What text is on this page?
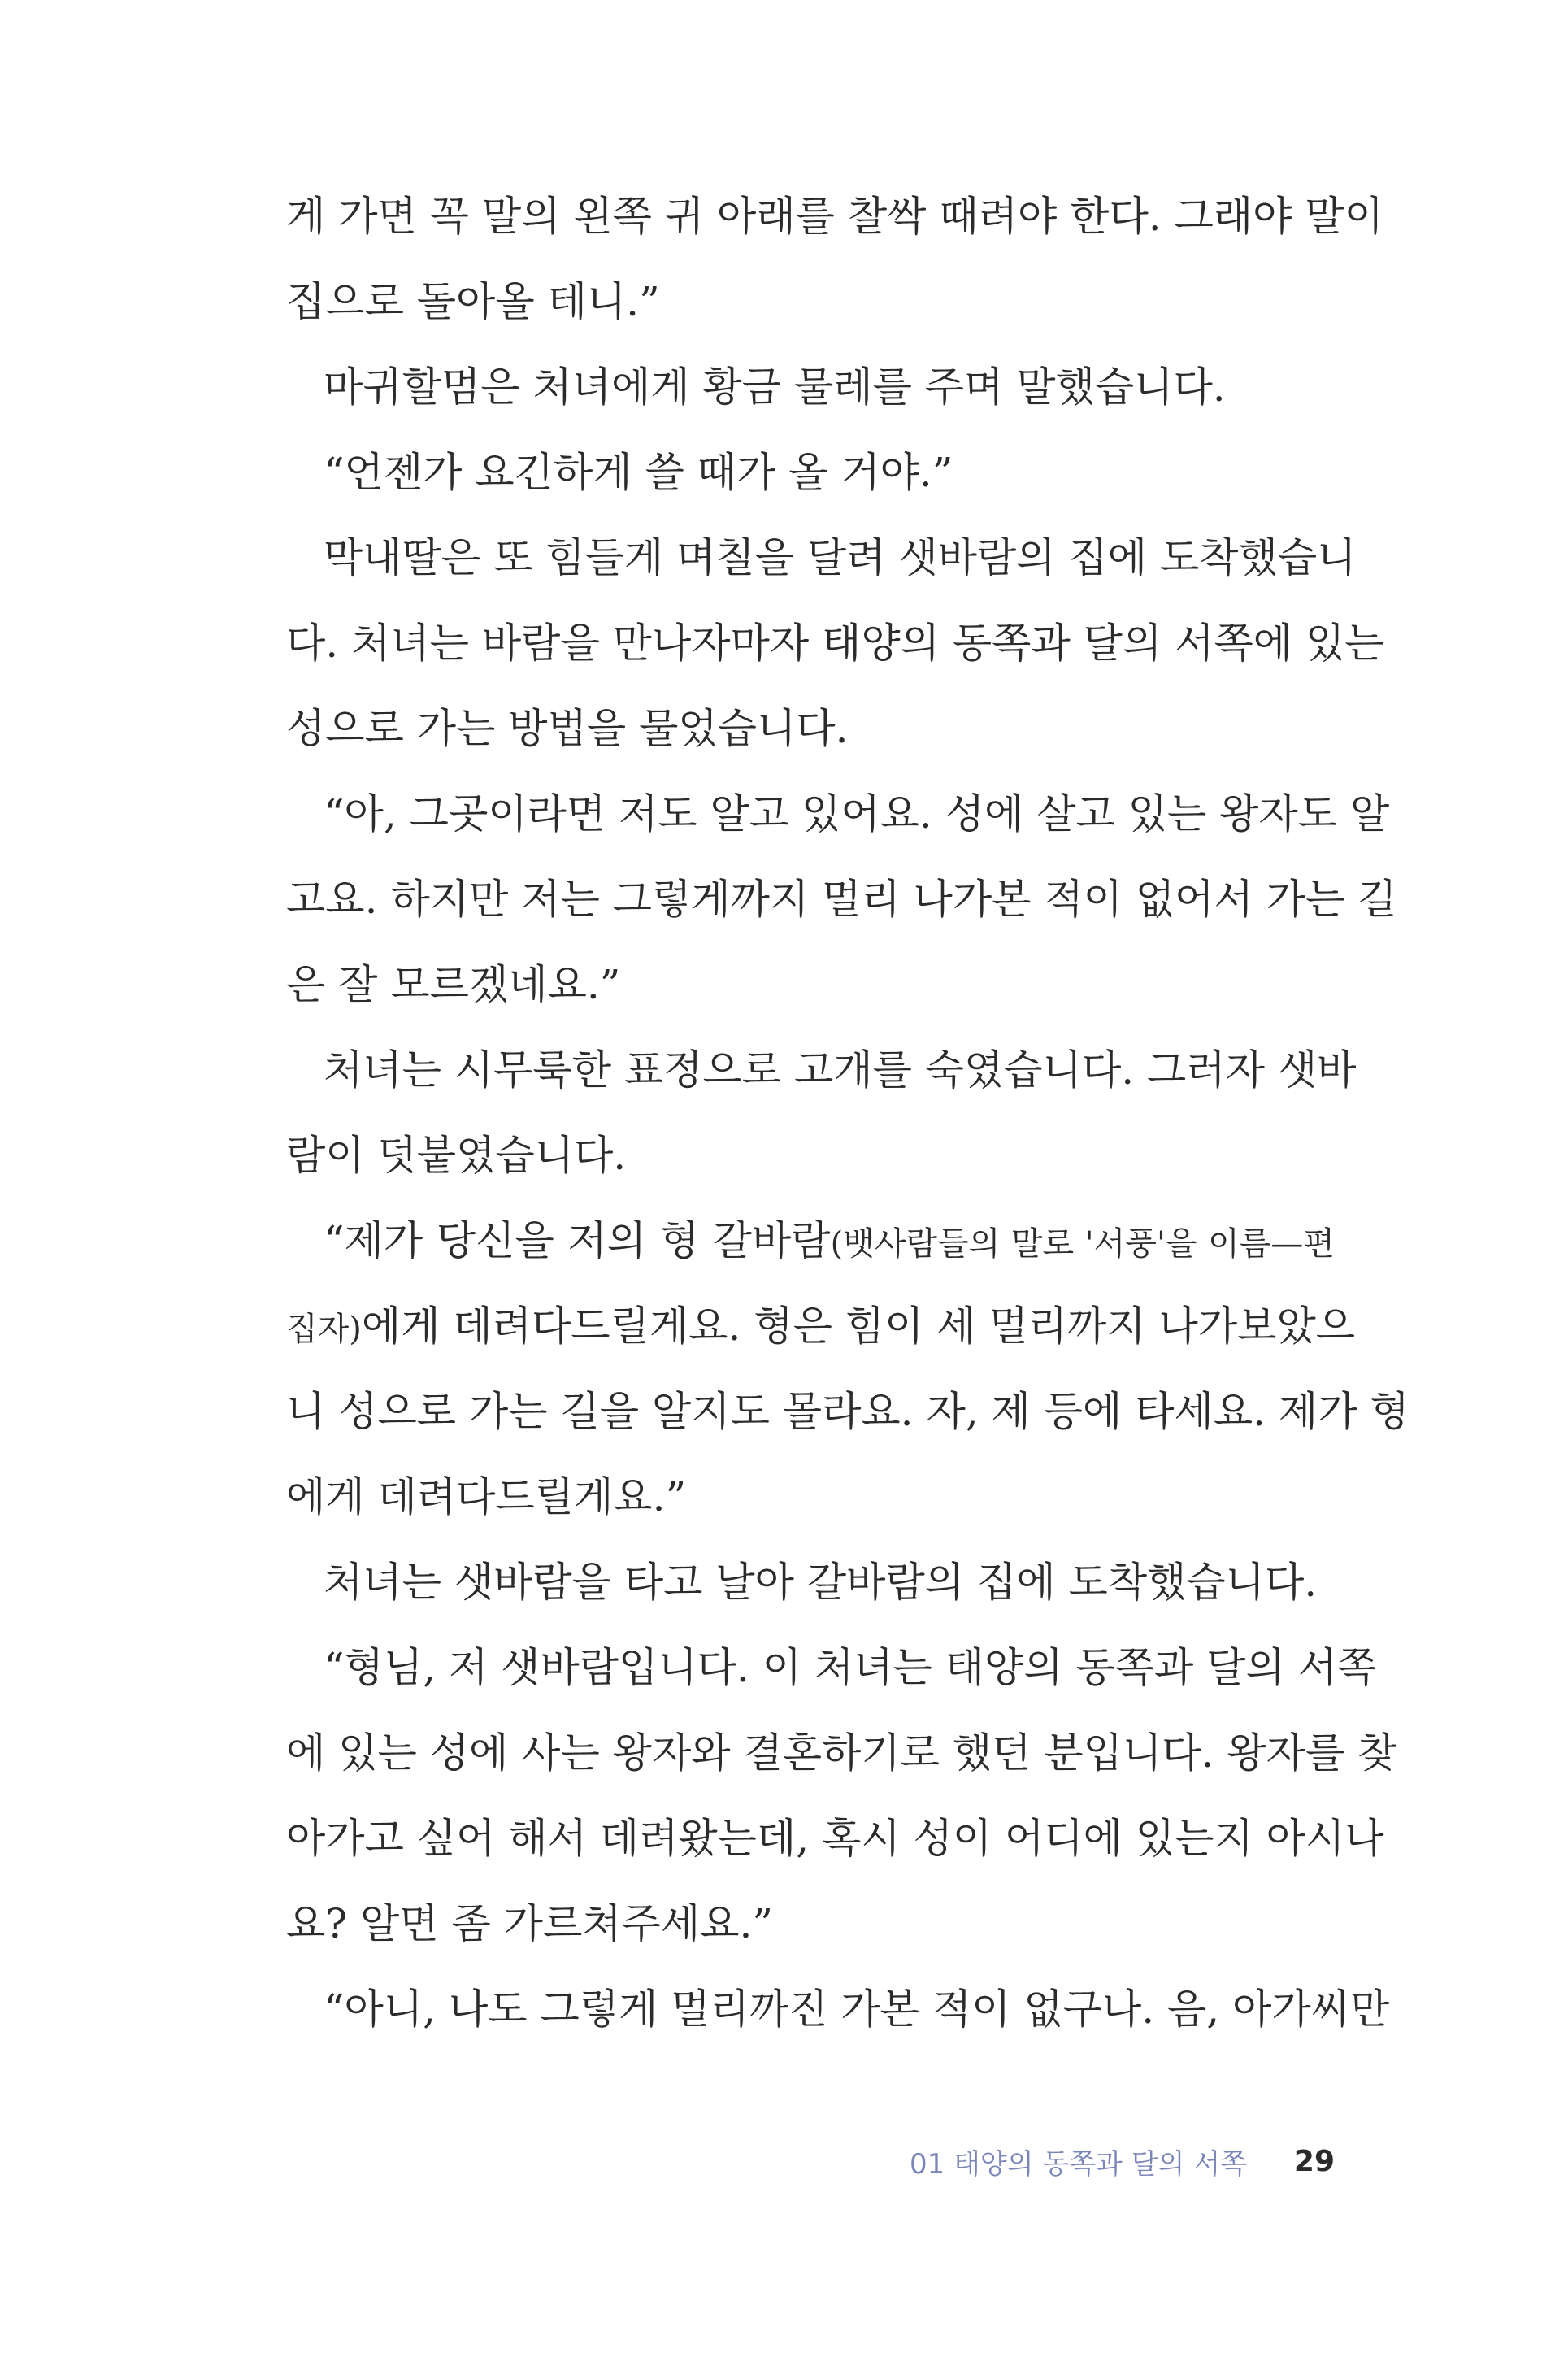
게 가면 꼭 말의 왼쪽 귀 아래를 찰싹 때려야 한다. 그래야 말이
집으로 돌아올 테니.”
마귀할멈은 처녀에게 황금 물레를 주며 말했습니다.
“언젠가 요긴하게 쓸 때가 올 거야.”
막내딸은 또 힘들게 며칠을 달려 샛바람의 집에 도착했습니
다. 처녀는 바람을 만나자마자 태양의 동쪽과 달의 서쪽에 있는
성으로 가는 방법을 물었습니다.
“아, 그곳이라면 저도 알고 있어요. 성에 살고 있는 왕자도 알
고요. 하지만 저는 그렇게까지 멀리 나가본 적이 없어서 가는 길
은 잘 모르겠네요.”
처녀는 시무룩한 표정으로 고개를 숙였습니다. 그러자 샛바
람이 덧붙였습니다.
“제가 당신을 저의 형 갈바람(뱃사람들의 말로 '서풍'을 이름—편
집자)에게 데려다드릴게요. 형은 힘이 세 멀리까지 나가보았으
니 성으로 가는 길을 알지도 몰라요. 자, 제 등에 타세요. 제가 형
에게 데려다드릴게요.”
처녀는 샛바람을 타고 날아 갈바람의 집에 도착했습니다.
“형님, 저 샛바람입니다. 이 처녀는 태양의 동쪽과 달의 서쪽
에 있는 성에 사는 왕자와 결혼하기로 했던 분입니다. 왕자를 찾
아가고 싶어 해서 데려왔는데, 혹시 성이 어디에 있는지 아시나
요? 알면 좀 가르쳐주세요.”
“아니, 나도 그렇게 멀리까진 가본 적이 없구나. 음, 아가씨만
01 태양의 동쪽과 달의 서쪽 29
